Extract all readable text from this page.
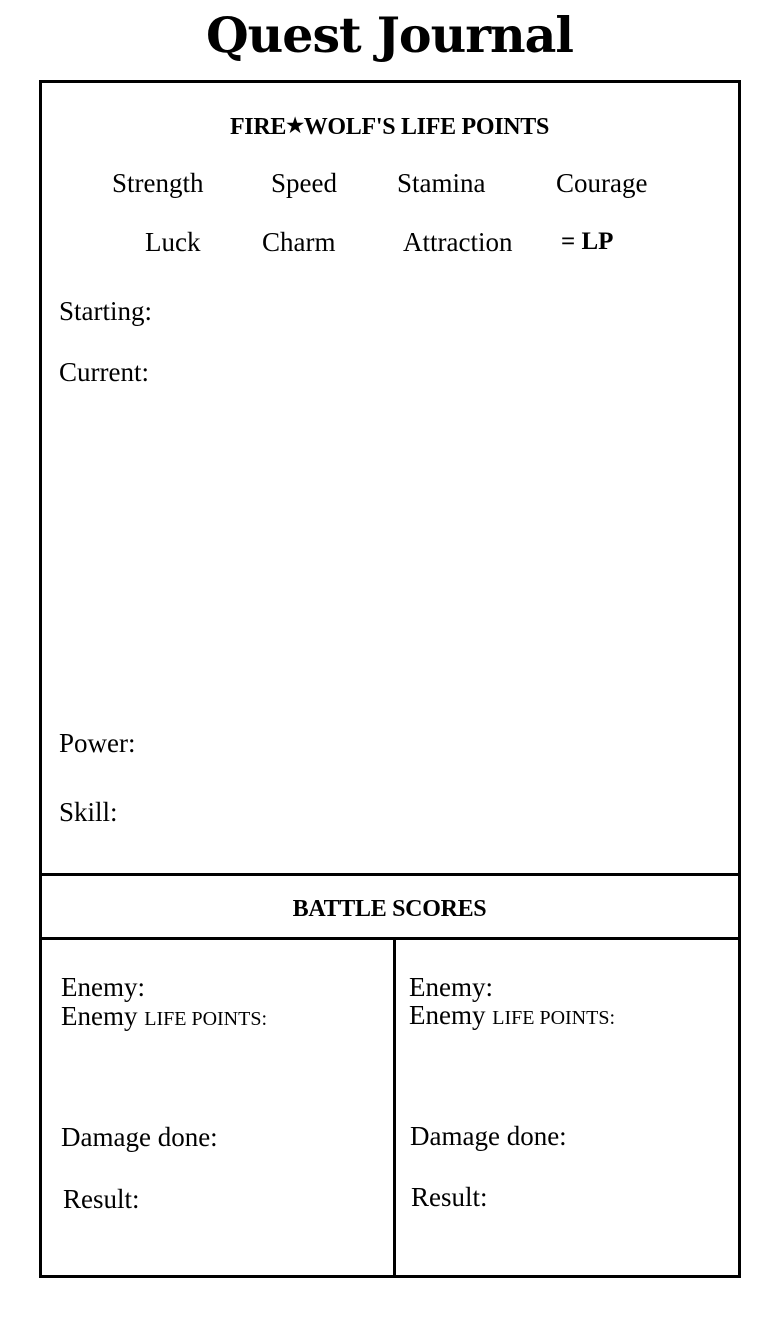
Quest Journal
FIRE★WOLF'S LIFE POINTS
Strength	Speed Stamina	Courage
Luck Charm	Attraction = LP
Starting:
Current:
Power:
Skill:
BATTLE SCORES
Enemy:
Enemy LIFE POINTS:
Damage done:
Result:
Enemy:
Enemy LIFE POINTS:
Damage done:
Result:
